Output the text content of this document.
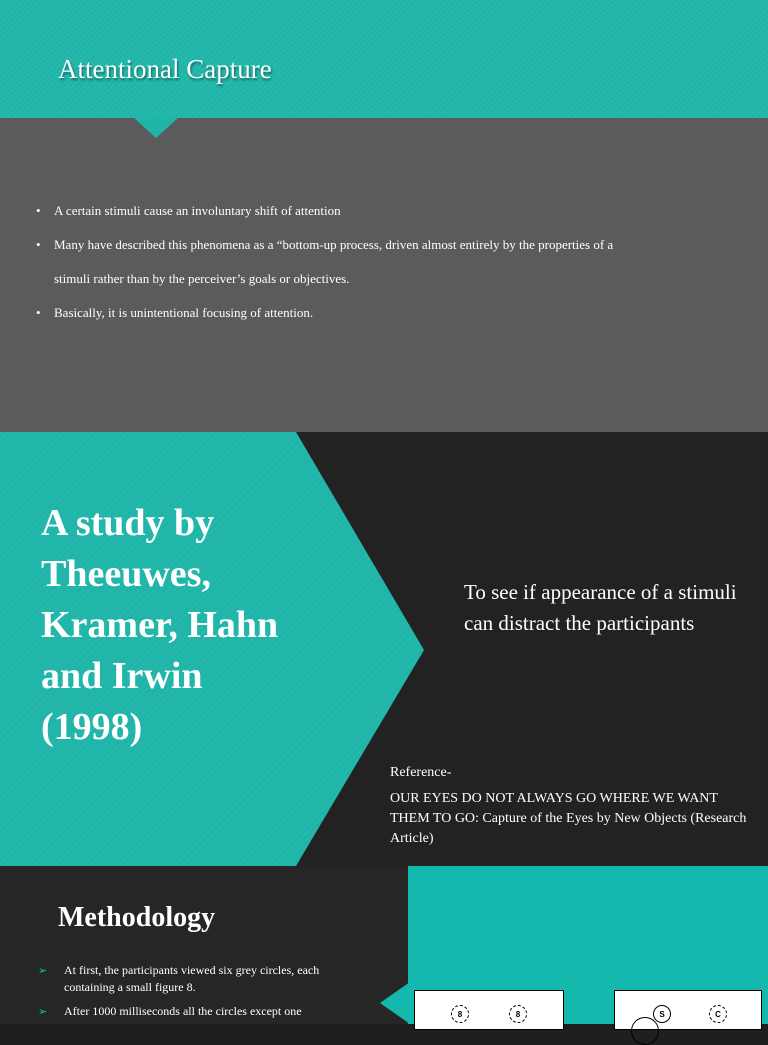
Attentional Capture
• A certain stimuli cause an involuntary shift of attention
• Many have described this phenomena as a “bottom-up process, driven almost entirely by the properties of a
stimuli rather than by the perceiver’s goals or objectives.
• Basically, it is unintentional focusing of attention.
A study by Theeuwes, Kramer, Hahn and Irwin (1998)
To see if appearance of a stimuli can distract the participants
Reference-
OUR EYES DO NOT ALWAYS GO WHERE WE WANT THEM TO GO: Capture of the Eyes by New Objects (Research Article)
Methodology
➢ At first, the participants viewed six grey circles, each containing a small figure 8.
➢ After 1000 milliseconds all the circles except one	8	8	S	C
